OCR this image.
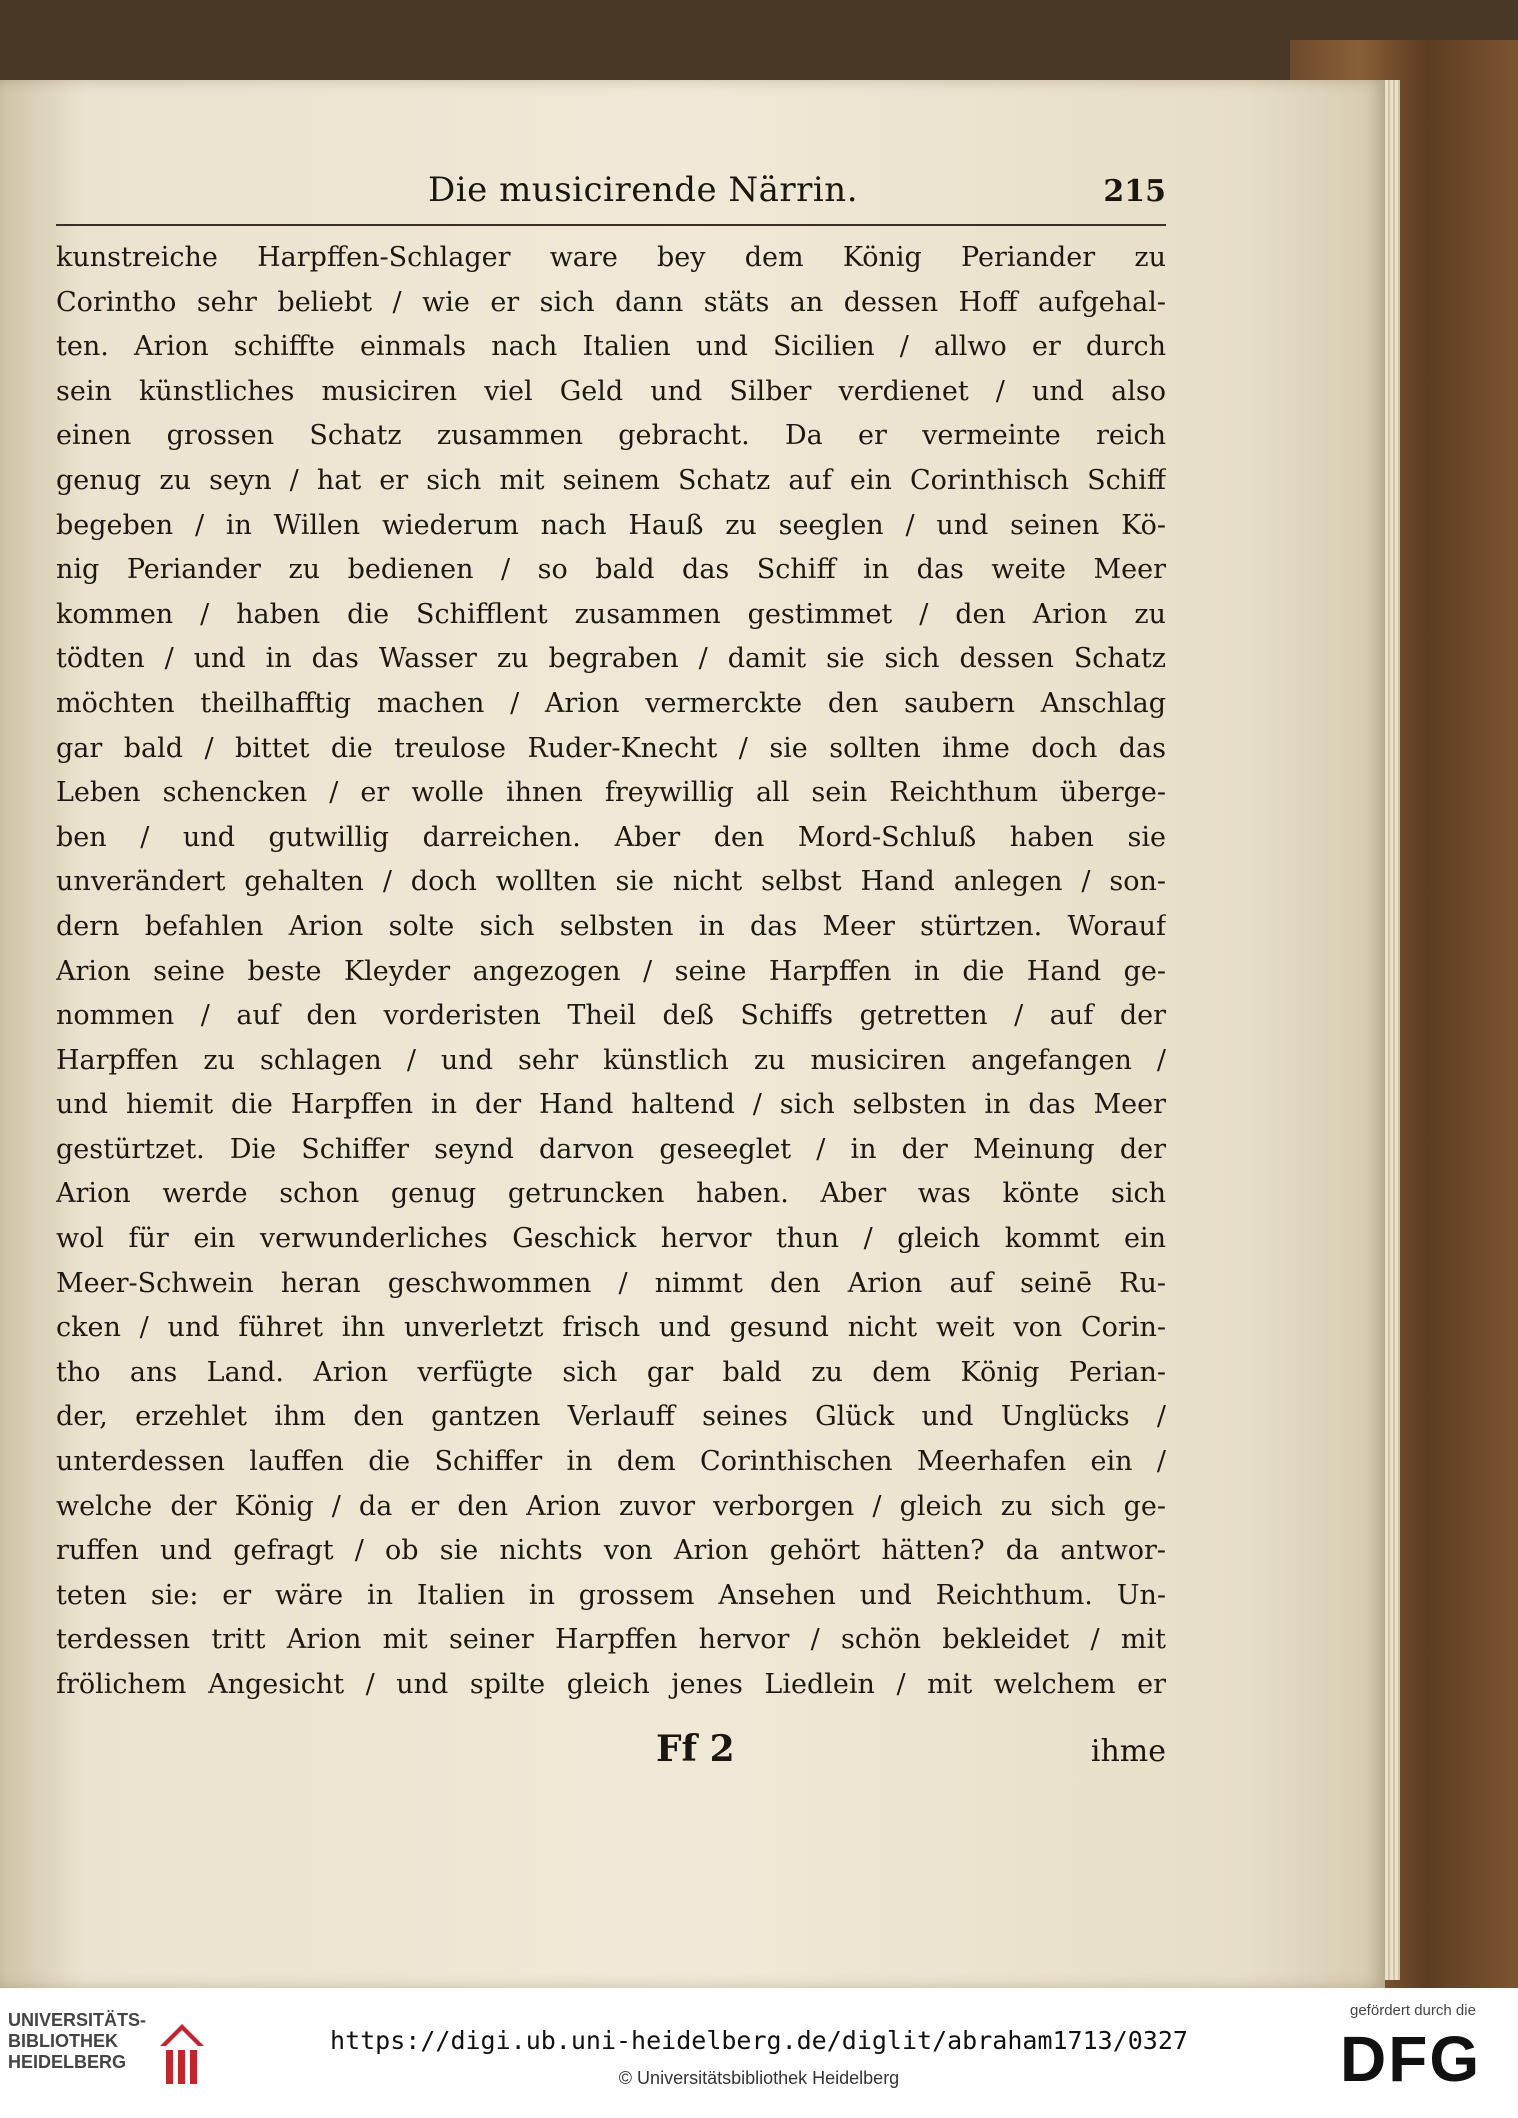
Die musicirende Närrin.	215
kunstreiche Harpffen-Schlager ware bey dem König Periander zu
Corintho sehr beliebt / wie er sich dann stäts an dessen Hoff aufgehal-
ten. Arion schiffte einmals nach Italien und Sicilien / allwo er durch
sein künstliches musiciren viel Geld und Silber verdienet / und also
einen grossen Schatz zusammen gebracht. Da er vermeinte reich
genug zu seyn / hat er sich mit seinem Schatz auf ein Corinthisch Schiff
begeben / in Willen wiederum nach Hauß zu seeglen / und seinen Kö-
nig Periander zu bedienen / so bald das Schiff in das weite Meer
kommen / haben die Schifflent zusammen gestimmet / den Arion zu
tödten / und in das Wasser zu begraben / damit sie sich dessen Schatz
möchten theilhafftig machen / Arion vermerckte den saubern Anschlag
gar bald / bittet die treulose Ruder-Knecht / sie sollten ihme doch das
Leben schencken / er wolle ihnen freywillig all sein Reichthum überge-
ben / und gutwillig darreichen. Aber den Mord-Schluß haben sie
unverändert gehalten / doch wollten sie nicht selbst Hand anlegen / son-
dern befahlen Arion solte sich selbsten in das Meer stürtzen. Worauf
Arion seine beste Kleyder angezogen / seine Harpffen in die Hand ge-
nommen / auf den vorderisten Theil deß Schiffs getretten / auf der
Harpffen zu schlagen / und sehr künstlich zu musiciren angefangen /
und hiemit die Harpffen in der Hand haltend / sich selbsten in das Meer
gestürtzet. Die Schiffer seynd darvon geseeglet / in der Meinung der
Arion werde schon genug getruncken haben. Aber was könte sich
wol für ein verwunderliches Geschick hervor thun / gleich kommt ein
Meer-Schwein heran geschwommen / nimmt den Arion auf seinē Ru-
cken / und führet ihn unverletzt frisch und gesund nicht weit von Corin-
tho ans Land. Arion verfügte sich gar bald zu dem König Perian-
der, erzehlet ihm den gantzen Verlauff seines Glück und Unglücks /
unterdessen lauffen die Schiffer in dem Corinthischen Meerhafen ein /
welche der König / da er den Arion zuvor verborgen / gleich zu sich ge-
ruffen und gefragt / ob sie nichts von Arion gehört hätten? da antwor-
teten sie: er wäre in Italien in grossem Ansehen und Reichthum. Un-
terdessen tritt Arion mit seiner Harpffen hervor / schön bekleidet / mit
frölichem Angesicht / und spilte gleich jenes Liedlein / mit welchem er
Ff 2	ihme
UNIVERSITÄTS-
BIBLIOTHEK
HEIDELBERG
https://digi.ub.uni-heidelberg.de/diglit/abraham1713/0327
© Universitätsbibliothek Heidelberg
gefördert durch die
DFG
